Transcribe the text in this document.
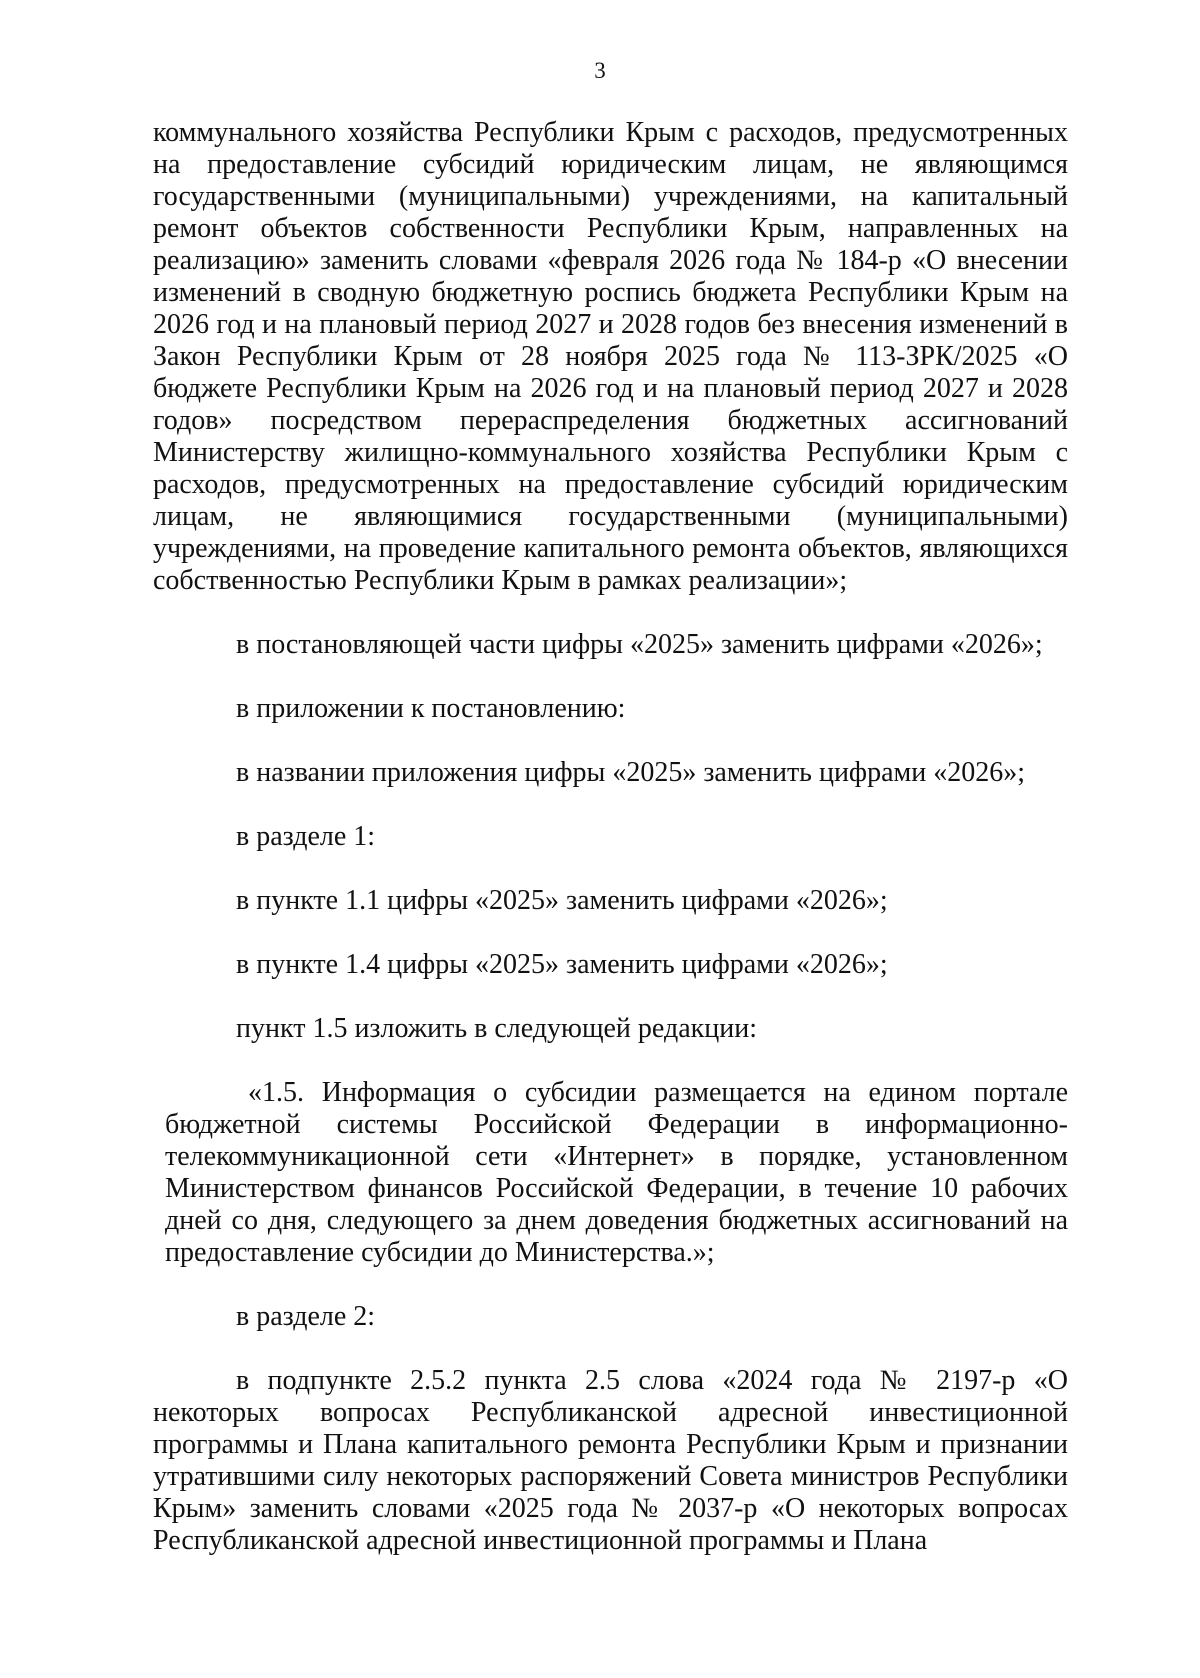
3

коммунального хозяйства Республики Крым с расходов, предусмотренных на предоставление субсидий юридическим лицам, не являющимся государственными (муниципальными) учреждениями, на капитальный ремонт объектов собственности Республики Крым, направленных на реализацию» заменить словами «февраля 2026 года № 184-р «О внесении изменений в сводную бюджетную роспись бюджета Республики Крым на 2026 год и на плановый период 2027 и 2028 годов без внесения изменений в Закон Республики Крым от 28 ноября 2025 года № 113-ЗРК/2025 «О бюджете Республики Крым на 2026 год и на плановый период 2027 и 2028 годов» посредством перераспределения бюджетных ассигнований Министерству жилищно-коммунального хозяйства Республики Крым с расходов, предусмотренных на предоставление субсидий юридическим лицам, не являющимися государственными (муниципальными) учреждениями, на проведение капитального ремонта объектов, являющихся собственностью Республики Крым в рамках реализации»;

в постановляющей части цифры «2025» заменить цифрами «2026»;

в приложении к постановлению:

в названии приложения цифры «2025» заменить цифрами «2026»;

в разделе 1:

в пункте 1.1 цифры «2025» заменить цифрами «2026»;

в пункте 1.4 цифры «2025» заменить цифрами «2026»;

пункт 1.5 изложить в следующей редакции:

«1.5. Информация о субсидии размещается на едином портале бюджетной системы Российской Федерации в информационно-телекоммуникационной сети «Интернет» в порядке, установленном Министерством финансов Российской Федерации, в течение 10 рабочих дней со дня, следующего за днем доведения бюджетных ассигнований на предоставление субсидии до Министерства.»;

в разделе 2:

в подпункте 2.5.2 пункта 2.5 слова «2024 года № 2197-р «О некоторых вопросах Республиканской адресной инвестиционной программы и Плана капитального ремонта Республики Крым и признании утратившими силу некоторых распоряжений Совета министров Республики Крым» заменить словами «2025 года № 2037-р «О некоторых вопросах Республиканской адресной инвестиционной программы и Плана
